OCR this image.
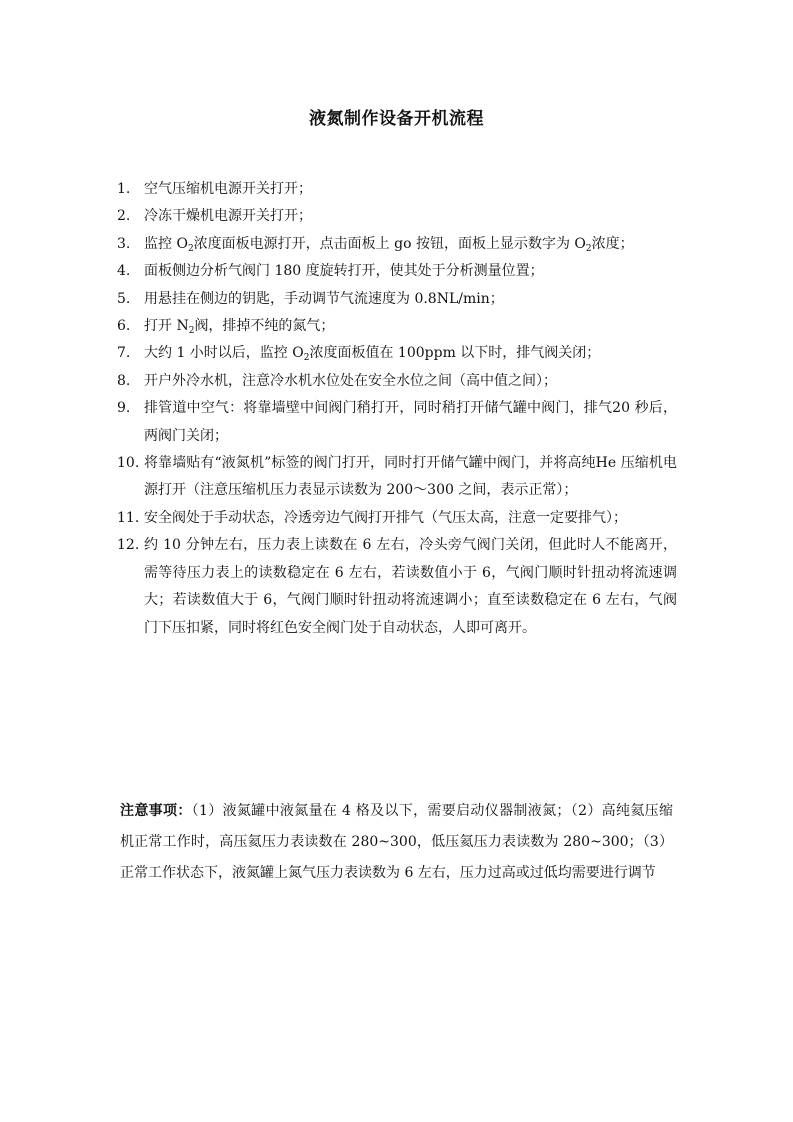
液氮制作设备开机流程
1. 空气压缩机电源开关打开；
2. 冷冻干燥机电源开关打开；
3. 监控 $O_2$浓度面板电源打开，点击面板上 go 按钮，面板上显示数字为 $O_2$浓度；
4. 面板侧边分析气阀门 180 度旋转打开，使其处于分析测量位置；
5. 用悬挂在侧边的钥匙，手动调节气流速度为 0.8NL/min；
6. 打开 $N_2$阀，排掉不纯的氮气；
7. 大约 1 小时以后，监控 $O_2$浓度面板值在 100ppm 以下时，排气阀关闭；
8. 开户外冷水机，注意冷水机水位处在安全水位之间（高中值之间）；
9. 排管道中空气：将靠墙壁中间阀门稍打开，同时稍打开储气罐中阀门，排气20 秒后，两阀门关闭；
10. 将靠墙贴有“液氮机”标签的阀门打开，同时打开储气罐中阀门，并将高纯He 压缩机电源打开（注意压缩机压力表显示读数为 200～300 之间，表示正常）；
11. 安全阀处于手动状态，冷透旁边气阀打开排气（气压太高，注意一定要排气）；
12. 约 10 分钟左右，压力表上读数在 6 左右，冷头旁气阀门关闭，但此时人不能离开，需等待压力表上的读数稳定在 6 左右，若读数值小于 6，气阀门顺时针扭动将流速调大；若读数值大于 6，气阀门顺时针扭动将流速调小；直至读数稳定在 6 左右，气阀门下压扣紧，同时将红色安全阀门处于自动状态，人即可离开。
注意事项：（1）液氮罐中液氮量在 4 格及以下，需要启动仪器制液氮；（2）高纯氦压缩机正常工作时，高压氦压力表读数在 280~300，低压氦压力表读数为 280~300；（3）正常工作状态下，液氮罐上氮气压力表读数为 6 左右，压力过高或过低均需要进行调节
